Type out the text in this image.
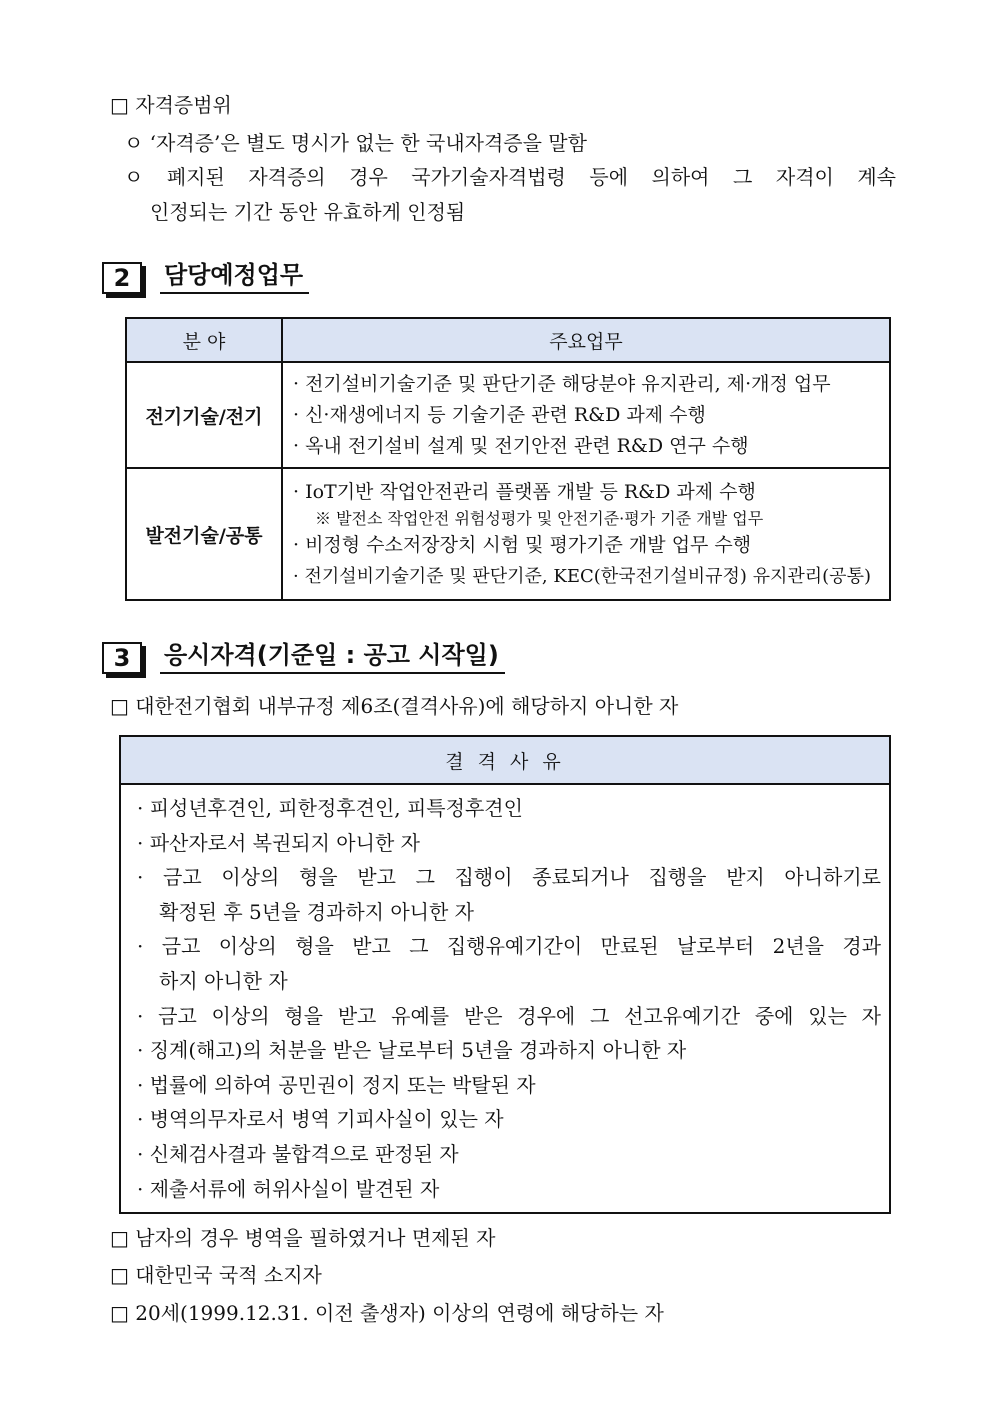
□ 자격증범위
ㅇ ‘자격증’은 별도 명시가 없는 한 국내자격증을 말함
ㅇ 폐지된 자격증의 경우 국가기술자격법령 등에 의하여 그 자격이 계속
인정되는 기간 동안 유효하게 인정됨
2	담당예정업무
분 야	주요업무
전기기술/전기	· 전기설비기술기준 및 판단기준 해당분야 유지관리, 제·개정 업무
· 신·재생에너지 등 기술기준 관련 R&D 과제 수행
· 옥내 전기설비 설계 및 전기안전 관련 R&D 연구 수행

발전기술/공통	· IoT기반 작업안전관리 플랫폼 개발 등 R&D 과제 수행
※ 발전소 작업안전 위험성평가 및 안전기준·평가 기준 개발 업무
· 비정형 수소저장장치 시험 및 평가기준 개발 업무 수행
· 전기설비기술기준 및 판단기준, KEC(한국전기설비규정) 유지관리(공통)
3	응시자격(기준일 : 공고 시작일)
□ 대한전기협회 내부규정 제6조(결격사유)에 해당하지 아니한 자
결 격 사 유

· 피성년후견인, 피한정후견인, 피특정후견인
· 파산자로서 복권되지 아니한 자
· 금고 이상의 형을 받고 그 집행이 종료되거나 집행을 받지 아니하기로
확정된 후 5년을 경과하지 아니한 자
· 금고 이상의 형을 받고 그 집행유예기간이 만료된 날로부터 2년을 경과
하지 아니한 자
· 금고 이상의 형을 받고 유예를 받은 경우에 그 선고유예기간 중에 있는 자
· 징계(해고)의 처분을 받은 날로부터 5년을 경과하지 아니한 자
· 법률에 의하여 공민권이 정지 또는 박탈된 자
· 병역의무자로서 병역 기피사실이 있는 자
· 신체검사결과 불합격으로 판정된 자
· 제출서류에 허위사실이 발견된 자
□ 남자의 경우 병역을 필하였거나 면제된 자
□ 대한민국 국적 소지자
□ 20세(1999.12.31. 이전 출생자) 이상의 연령에 해당하는 자
